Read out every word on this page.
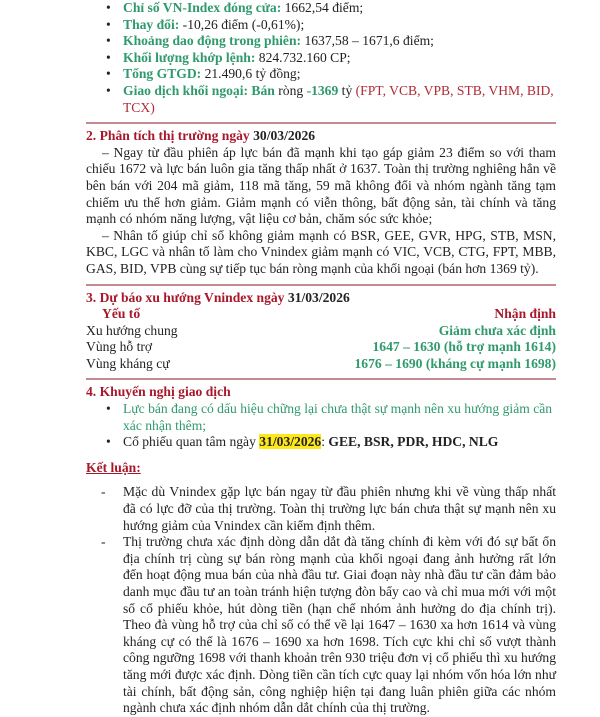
• Chỉ số VN-Index đóng cửa: 1662,54 điểm;
• Thay đổi: -10,26 điểm (-0,61%);
• Khoảng dao động trong phiên: 1637,58 – 1671,6 điểm;
• Khối lượng khớp lệnh: 824.732.160 CP;
• Tổng GTGD: 21.490,6 tỷ đồng;
• Giao dịch khối ngoại: Bán ròng -1369 tỷ (FPT, VCB, VPB, STB, VHM, BID, TCX)
2. Phân tích thị trường ngày 30/03/2026

– Ngay từ đầu phiên áp lực bán đã mạnh khi tạo gáp giảm 23 điểm so với tham chiếu 1672 và lực bán luôn gia tăng thấp nhất ở 1637. Toàn thị trường nghiêng hẳn về bên bán với 204 mã giảm, 118 mã tăng, 59 mã không đổi và nhóm ngành tăng tạm chiếm ưu thế hơn giảm. Giảm mạnh có viễn thông, bất động sản, tài chính và tăng mạnh có nhóm năng lượng, vật liệu cơ bản, chăm sóc sức khỏe;

– Nhân tố giúp chỉ số không giảm mạnh có BSR, GEE, GVR, HPG, STB, MSN, KBC, LGC và nhân tố làm cho Vnindex giảm mạnh có VIC, VCB, CTG, FPT, MBB, GAS, BID, VPB cùng sự tiếp tục bán ròng mạnh của khối ngoại (bán hơn 1369 tỷ).

3. Dự báo xu hướng Vnindex ngày 31/03/2026
Yếu tố	Nhận định
Xu hướng chung	Giảm chưa xác định
Vùng hỗ trợ	1647 – 1630 (hỗ trợ mạnh 1614)
Vùng kháng cự	1676 – 1690 (kháng cự mạnh 1698)
4. Khuyến nghị giao dịch
• Lực bán đang có dấu hiệu chững lại chưa thật sự mạnh nên xu hướng giảm cần xác nhận thêm;
• Cổ phiếu quan tâm ngày 31/03/2026: GEE, BSR, PDR, HDC, NLG
Kết luận:
- Mặc dù Vnindex gặp lực bán ngay từ đầu phiên nhưng khi về vùng thấp nhất đã có lực đỡ của thị trường. Toàn thị trường lực bán chưa thật sự mạnh nên xu hướng giảm của Vnindex cần kiểm định thêm.
- Thị trường chưa xác định dòng dẫn dắt đà tăng chính đi kèm với đó sự bất ổn địa chính trị cùng sự bán ròng mạnh của khối ngoại đang ảnh hưởng rất lớn đến hoạt động mua bán của nhà đầu tư. Giai đoạn này nhà đầu tư cần đảm bảo danh mục đầu tư an toàn tránh hiện tượng đòn bẩy cao và chỉ mua mới với một số cổ phiếu khỏe, hút dòng tiền (hạn chế nhóm ảnh hưởng do địa chính trị). Theo đà vùng hỗ trợ của chỉ số có thể về lại 1647 – 1630 xa hơn 1614 và vùng kháng cự có thể là 1676 – 1690 xa hơn 1698. Tích cực khi chỉ số vượt thành công ngưỡng 1698 với thanh khoản trên 930 triệu đơn vị cổ phiếu thì xu hướng tăng mới được xác định. Dòng tiền cần tích cực quay lại nhóm vốn hóa lớn như tài chính, bất động sản, công nghiệp hiện tại đang luân phiên giữa các nhóm ngành chưa xác định nhóm dẫn dắt chính của thị trường.
